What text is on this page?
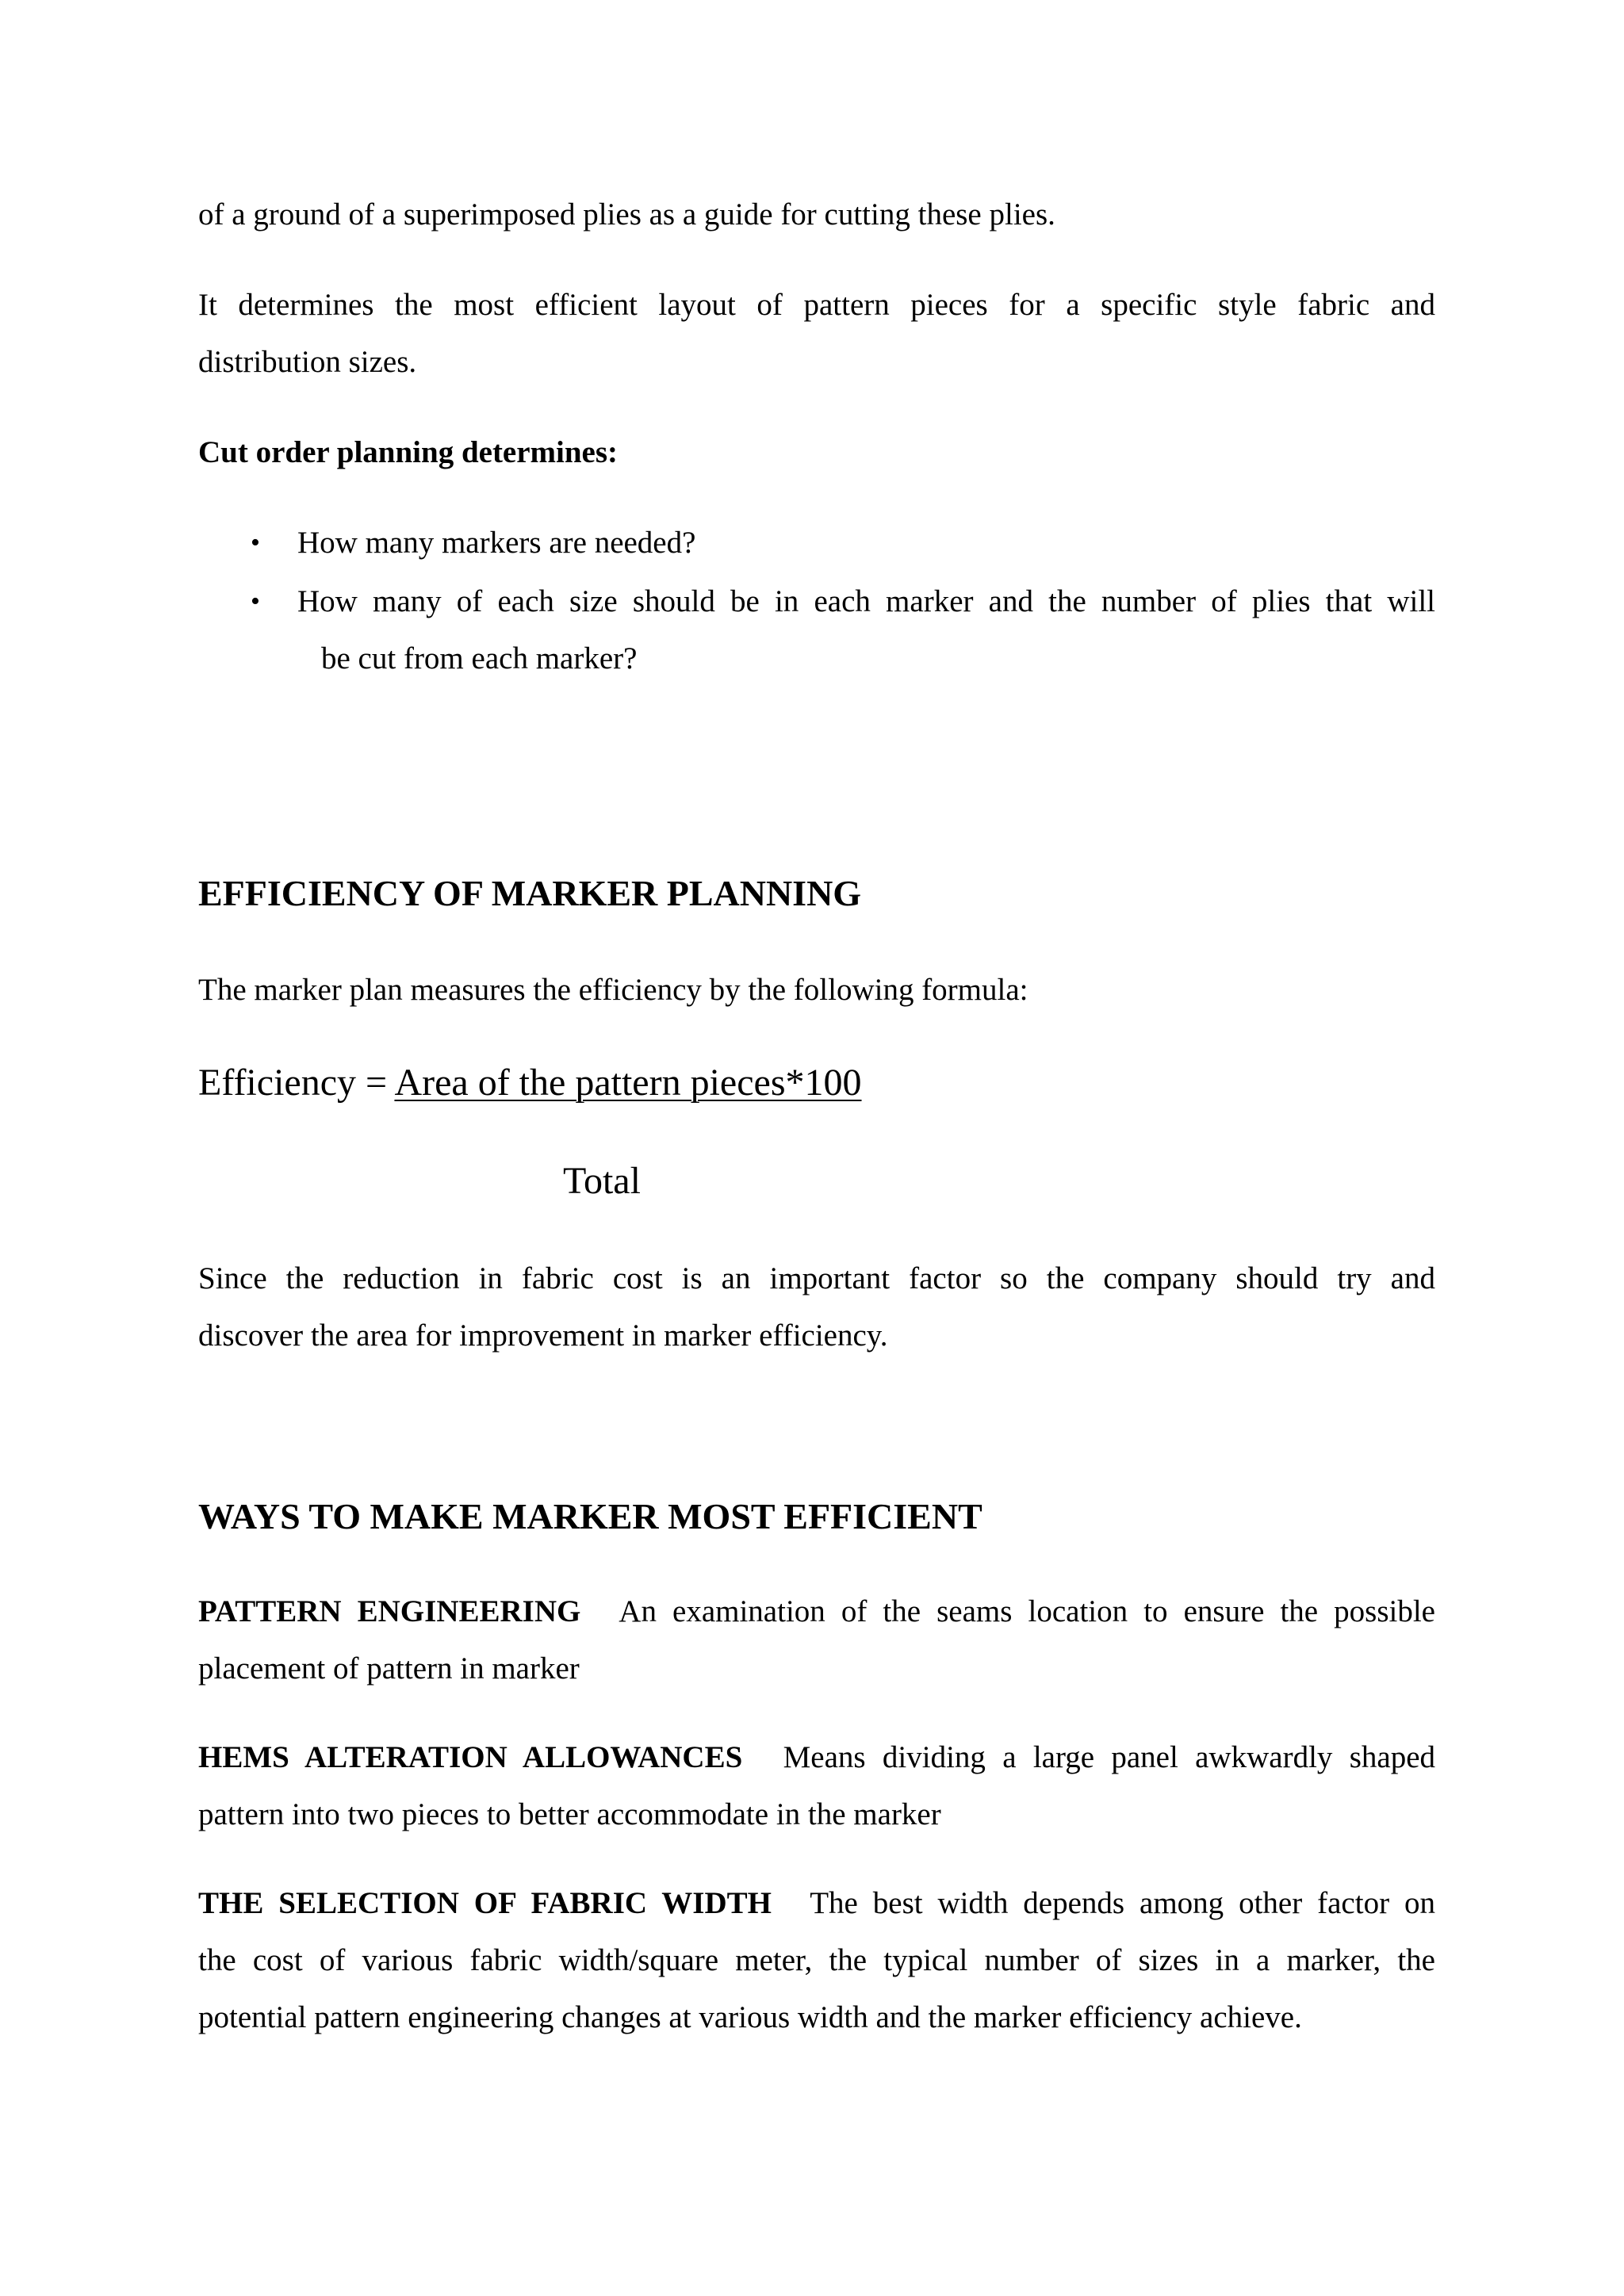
of a ground of a superimposed plies as a guide for cutting these plies.
It determines the most efficient layout of pattern pieces for a specific style fabric and
distribution sizes.
Cut order planning determines:
• How many markers are needed?
• How many of each size should be in each marker and the number of plies that will
be cut from each marker?
EFFICIENCY OF MARKER PLANNING
The marker plan measures the efficiency by the following formula:
Efficiency = Area of the pattern pieces*100
Total
Since the reduction in fabric cost is an important factor so the company should try and
discover the area for improvement in marker efficiency.
WAYS TO MAKE MARKER MOST EFFICIENT
PATTERN ENGINEERING An examination of the seams location to ensure the possible
placement of pattern in marker
HEMS ALTERATION ALLOWANCES Means dividing a large panel awkwardly shaped
pattern into two pieces to better accommodate in the marker
THE SELECTION OF FABRIC WIDTH The best width depends among other factor on
the cost of various fabric width/square meter, the typical number of sizes in a marker, the
potential pattern engineering changes at various width and the marker efficiency achieve.
